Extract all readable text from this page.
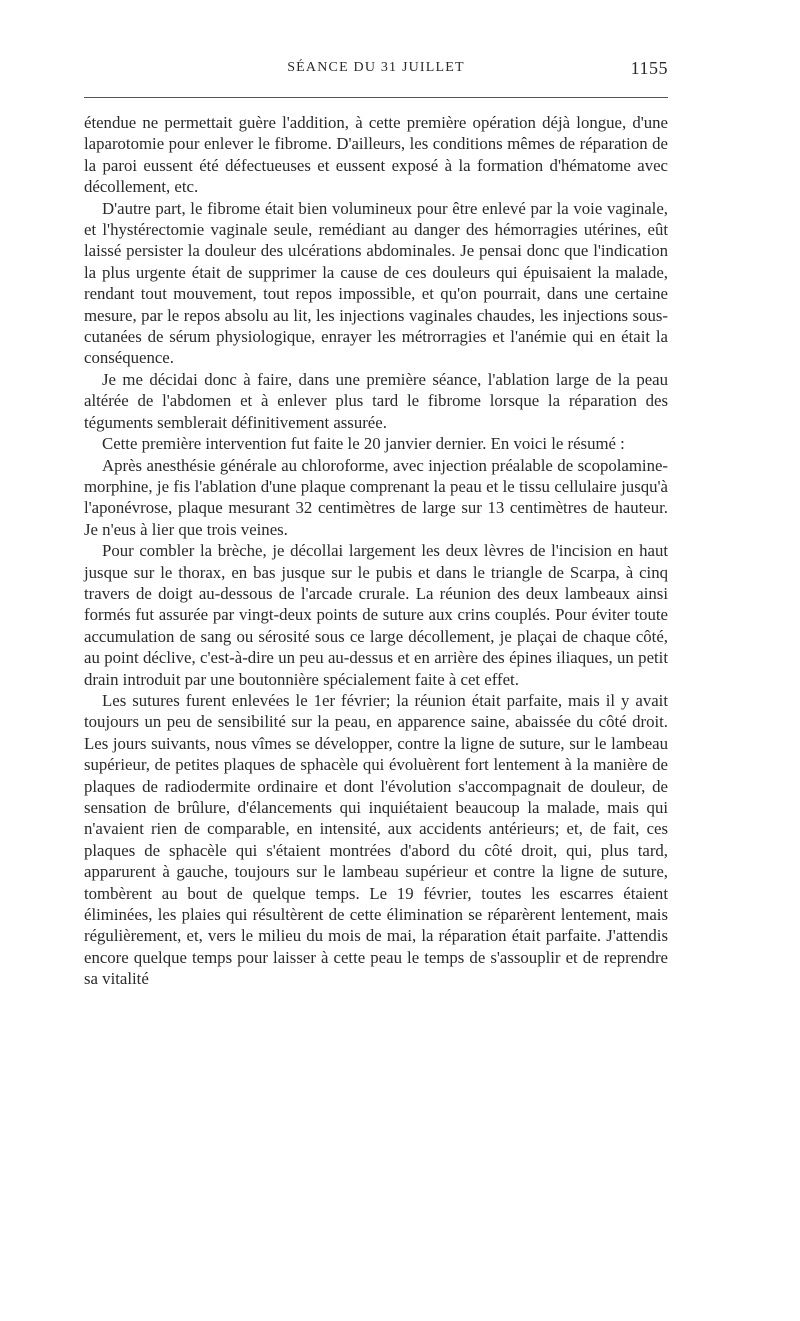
SÉANCE DU 31 JUILLET	1155

étendue ne permettait guère l'addition, à cette première opération déjà longue, d'une laparotomie pour enlever le fibrome. D'ailleurs, les conditions mêmes de réparation de la paroi eussent été défectueuses et eussent exposé à la formation d'hématome avec décollement, etc.

D'autre part, le fibrome était bien volumineux pour être enlevé par la voie vaginale, et l'hystérectomie vaginale seule, remédiant au danger des hémorragies utérines, eût laissé persister la douleur des ulcérations abdominales. Je pensai donc que l'indication la plus urgente était de supprimer la cause de ces douleurs qui épuisaient la malade, rendant tout mouvement, tout repos impossible, et qu'on pourrait, dans une certaine mesure, par le repos absolu au lit, les injections vaginales chaudes, les injections sous-cutanées de sérum physiologique, enrayer les métrorragies et l'anémie qui en était la conséquence.

Je me décidai donc à faire, dans une première séance, l'ablation large de la peau altérée de l'abdomen et à enlever plus tard le fibrome lorsque la réparation des téguments semblerait définitivement assurée.

Cette première intervention fut faite le 20 janvier dernier. En voici le résumé :

Après anesthésie générale au chloroforme, avec injection préalable de scopolamine-morphine, je fis l'ablation d'une plaque comprenant la peau et le tissu cellulaire jusqu'à l'aponévrose, plaque mesurant 32 centimètres de large sur 13 centimètres de hauteur. Je n'eus à lier que trois veines.

Pour combler la brèche, je décollai largement les deux lèvres de l'incision en haut jusque sur le thorax, en bas jusque sur le pubis et dans le triangle de Scarpa, à cinq travers de doigt au-dessous de l'arcade crurale. La réunion des deux lambeaux ainsi formés fut assurée par vingt-deux points de suture aux crins couplés. Pour éviter toute accumulation de sang ou sérosité sous ce large décollement, je plaçai de chaque côté, au point déclive, c'est-à-dire un peu au-dessus et en arrière des épines iliaques, un petit drain introduit par une boutonnière spécialement faite à cet effet.

Les sutures furent enlevées le 1er février; la réunion était parfaite, mais il y avait toujours un peu de sensibilité sur la peau, en apparence saine, abaissée du côté droit. Les jours suivants, nous vîmes se développer, contre la ligne de suture, sur le lambeau supérieur, de petites plaques de sphacèle qui évoluèrent fort lentement à la manière de plaques de radiodermite ordinaire et dont l'évolution s'accompagnait de douleur, de sensation de brûlure, d'élancements qui inquiétaient beaucoup la malade, mais qui n'avaient rien de comparable, en intensité, aux accidents antérieurs; et, de fait, ces plaques de sphacèle qui s'étaient montrées d'abord du côté droit, qui, plus tard, apparurent à gauche, toujours sur le lambeau supérieur et contre la ligne de suture, tombèrent au bout de quelque temps. Le 19 février, toutes les escarres étaient éliminées, les plaies qui résultèrent de cette élimination se réparèrent lentement, mais régulièrement, et, vers le milieu du mois de mai, la réparation était parfaite. J'attendis encore quelque temps pour laisser à cette peau le temps de s'assouplir et de reprendre sa vitalité
